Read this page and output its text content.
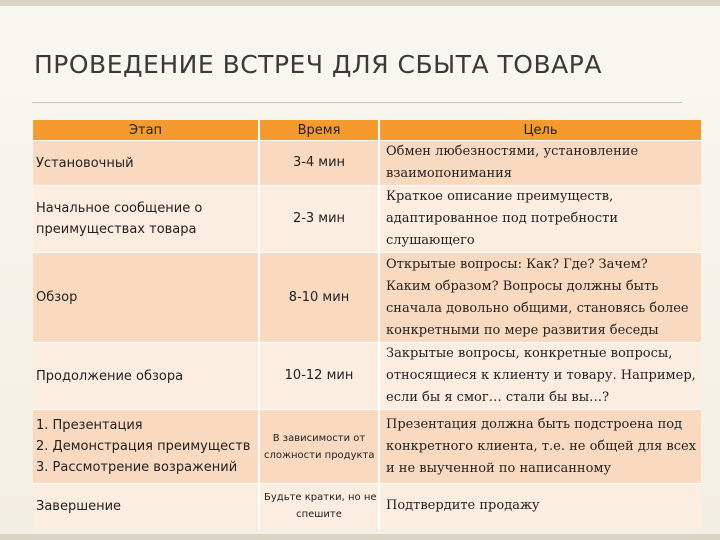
ПРОВЕДЕНИЕ ВСТРЕЧ ДЛЯ СБЫТА ТОВАРА
Этап	Время	Цель

Установочный	3-4 мин	Обмен любезностями, установление
взаимопонимания

Начальное сообщение о
преимуществах товара	2-3 мин	Краткое описание преимуществ,
адаптированное под потребности
слушающего

Обзор	8-10 мин	Открытые вопросы: Как? Где? Зачем?
Каким образом? Вопросы должны быть
сначала довольно общими, становясь более
конкретными по мере развития беседы

Продолжение обзора	10-12 мин	Закрытые вопросы, конкретные вопросы,
относящиеся к клиенту и товару. Например,
если бы я смог… стали бы вы…?

1. Презентация
2. Демонстрация преимуществ
3. Рассмотрение возражений	В зависимости от
сложности продукта	Презентация должна быть подстроена под
конкретного клиента, т.е. не общей для всех
и не выученной по написанному

Завершение	Будьте кратки, но не
спешите	Подтвердите продажу
